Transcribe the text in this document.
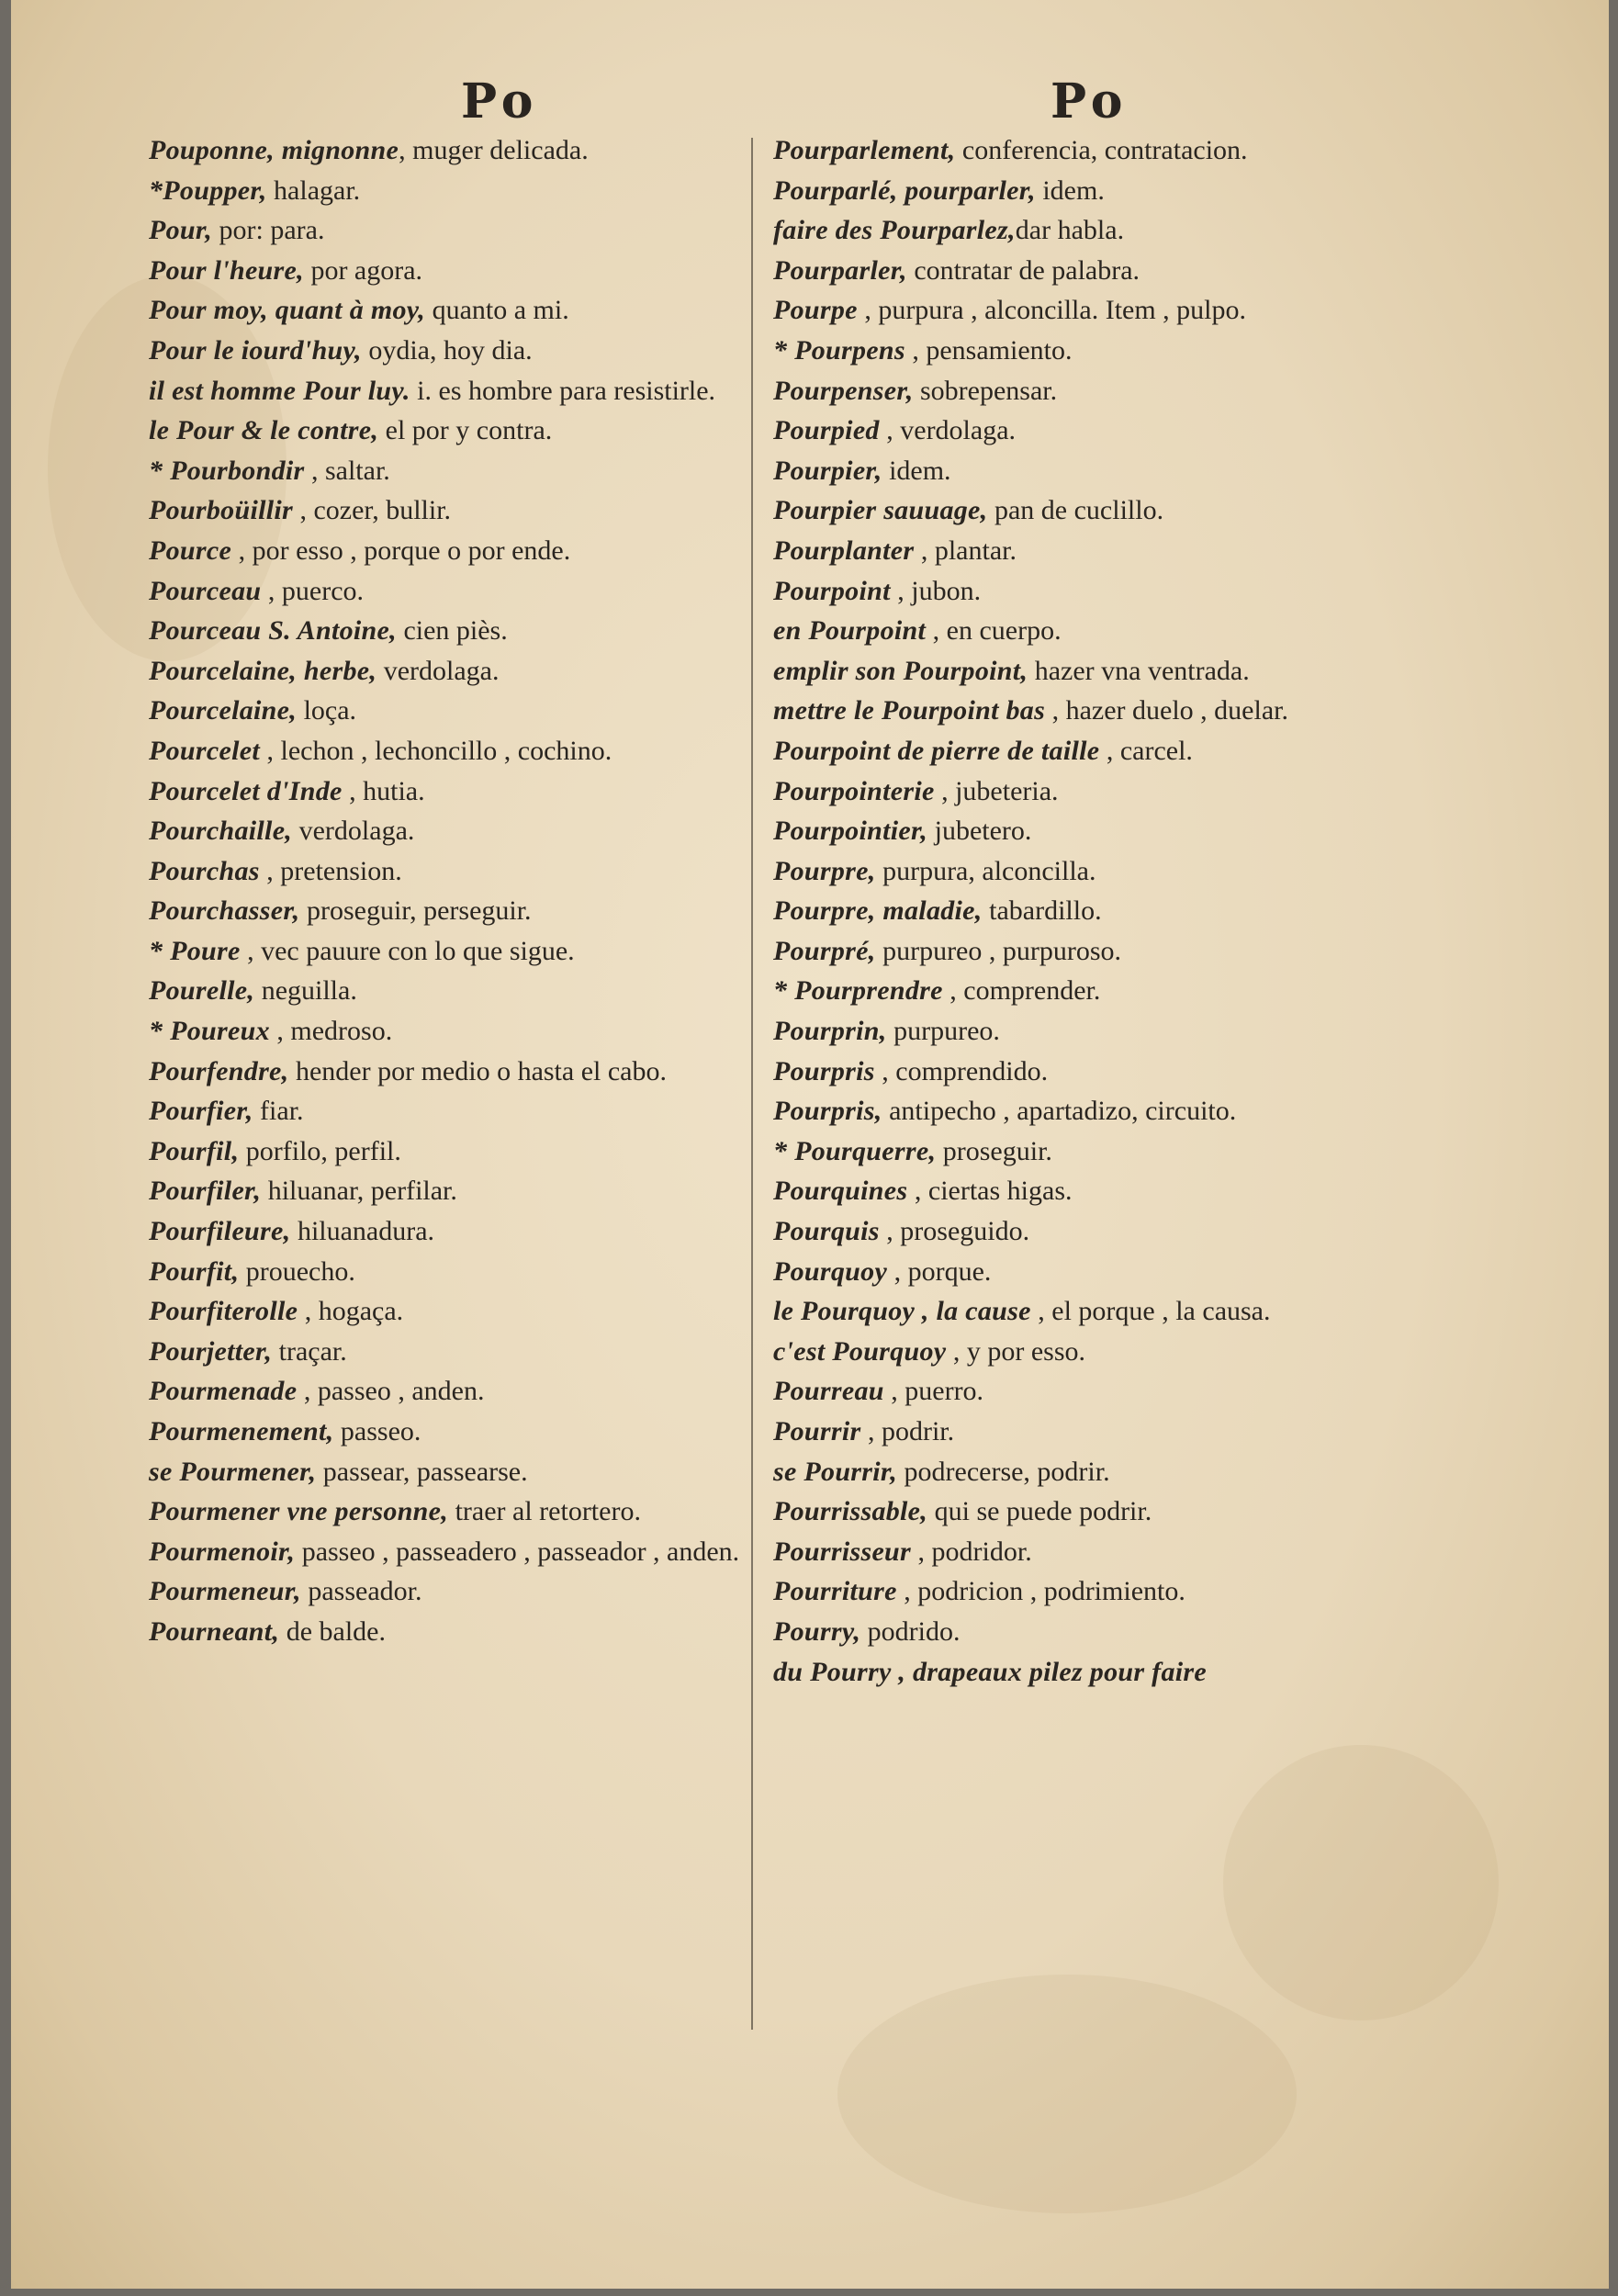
Po	Po

Pouponne, mignonne, muger delicada.

*Poupper, halagar.

Pour, por: para.

Pour l'heure, por agora.

Pour moy, quant à moy, quanto a mi.

Pour le iourd'huy, oydia, hoy dia.

il est homme Pour luy. i. es hombre para resistirle.

le Pour & le contre, el por y contra.

* Pourbondir , saltar.

Pourboüillir , cozer, bullir.

Pource , por esso , porque o por ende.

Pourceau , puerco.

Pourceau S. Antoine, cien piès.

Pourcelaine, herbe, verdolaga.

Pourcelaine, loça.

Pourcelet , lechon , lechoncillo , cochino.

Pourcelet d'Inde , hutia.

Pourchaille, verdolaga.

Pourchas , pretension.

Pourchasser, proseguir, perseguir.

* Poure , vec pauure con lo que sigue.

Pourelle, neguilla.

* Poureux , medroso.

Pourfendre, hender por medio o hasta el cabo.

Pourfier, fiar.

Pourfil, porfilo, perfil.

Pourfiler, hiluanar, perfilar.

Pourfileure, hiluanadura.

Pourfit, prouecho.

Pourfiterolle , hogaça.

Pourjetter, traçar.

Pourmenade , passeo , anden.

Pourmenement, passeo.

se Pourmener, passear, passearse.

Pourmener vne personne, traer al retortero.

Pourmenoir, passeo , passeadero , passeador , anden.

Pourmeneur, passeador.

Pourneant, de balde.

Pourparlement, conferencia, contratacion.

Pourparlé, pourparler, idem.

faire des Pourparlez,dar habla.

Pourparler, contratar de palabra.

Pourpe , purpura , alconcilla. Item , pulpo.

* Pourpens , pensamiento.

Pourpenser, sobrepensar.

Pourpied , verdolaga.

Pourpier, idem.

Pourpier sauuage, pan de cuclillo.

Pourplanter , plantar.

Pourpoint , jubon.

en Pourpoint , en cuerpo.

emplir son Pourpoint, hazer vna ventrada.

mettre le Pourpoint bas , hazer duelo , duelar.

Pourpoint de pierre de taille , carcel.

Pourpointerie , jubeteria.

Pourpointier, jubetero.

Pourpre, purpura, alconcilla.

Pourpre, maladie, tabardillo.

Pourpré, purpureo , purpuroso.

* Pourprendre , comprender.

Pourprin, purpureo.

Pourpris , comprendido.

Pourpris, antipecho , apartadizo, circuito.

* Pourquerre, proseguir.

Pourquines , ciertas higas.

Pourquis , proseguido.

Pourquoy , porque.

le Pourquoy , la cause , el porque , la causa.

c'est Pourquoy , y por esso.

Pourreau , puerro.

Pourrir , podrir.

se Pourrir, podrecerse, podrir.

Pourrissable, qui se puede podrir.

Pourrisseur , podridor.

Pourriture , podricion , podrimiento.

Pourry, podrido.

du Pourry , drapeaux pilez pour faire
